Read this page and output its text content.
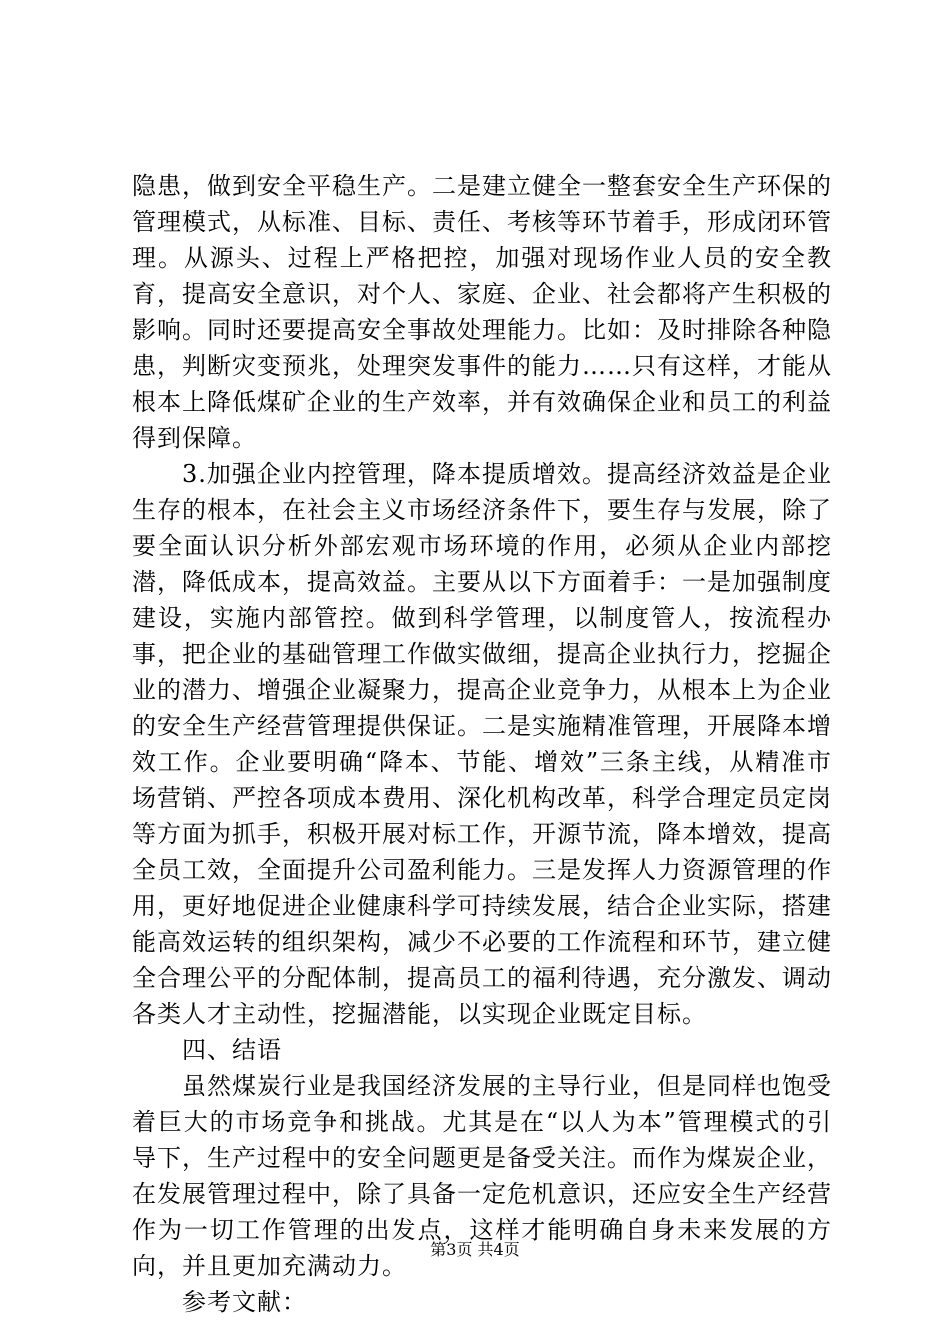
隐患，做到安全平稳生产。二是建立健全一整套安全生产环保的管理模式，从标准、目标、责任、考核等环节着手，形成闭环管理。从源头、过程上严格把控，加强对现场作业人员的安全教育，提高安全意识，对个人、家庭、企业、社会都将产生积极的影响。同时还要提高安全事故处理能力。比如：及时排除各种隐患，判断灾变预兆，处理突发事件的能力……只有这样，才能从根本上降低煤矿企业的生产效率，并有效确保企业和员工的利益得到保障。

3.加强企业内控管理，降本提质增效。提高经济效益是企业生存的根本，在社会主义市场经济条件下，要生存与发展，除了要全面认识分析外部宏观市场环境的作用，必须从企业内部挖潜，降低成本，提高效益。主要从以下方面着手：一是加强制度建设，实施内部管控。做到科学管理，以制度管人，按流程办事，把企业的基础管理工作做实做细，提高企业执行力，挖掘企业的潜力、增强企业凝聚力，提高企业竞争力，从根本上为企业的安全生产经营管理提供保证。二是实施精准管理，开展降本增效工作。企业要明确“降本、节能、增效”三条主线，从精准市场营销、严控各项成本费用、深化机构改革，科学合理定员定岗等方面为抓手，积极开展对标工作，开源节流，降本增效，提高全员工效，全面提升公司盈利能力。三是发挥人力资源管理的作用，更好地促进企业健康科学可持续发展，结合企业实际，搭建能高效运转的组织架构，减少不必要的工作流程和环节，建立健全合理公平的分配体制，提高员工的福利待遇，充分激发、调动各类人才主动性，挖掘潜能，以实现企业既定目标。

四、结语

虽然煤炭行业是我国经济发展的主导行业，但是同样也饱受着巨大的市场竞争和挑战。尤其是在“以人为本”管理模式的引导下，生产过程中的安全问题更是备受关注。而作为煤炭企业，在发展管理过程中，除了具备一定危机意识，还应安全生产经营作为一切工作管理的出发点，这样才能明确自身未来发展的方向，并且更加充满动力。

参考文献：

第3页 共4页
